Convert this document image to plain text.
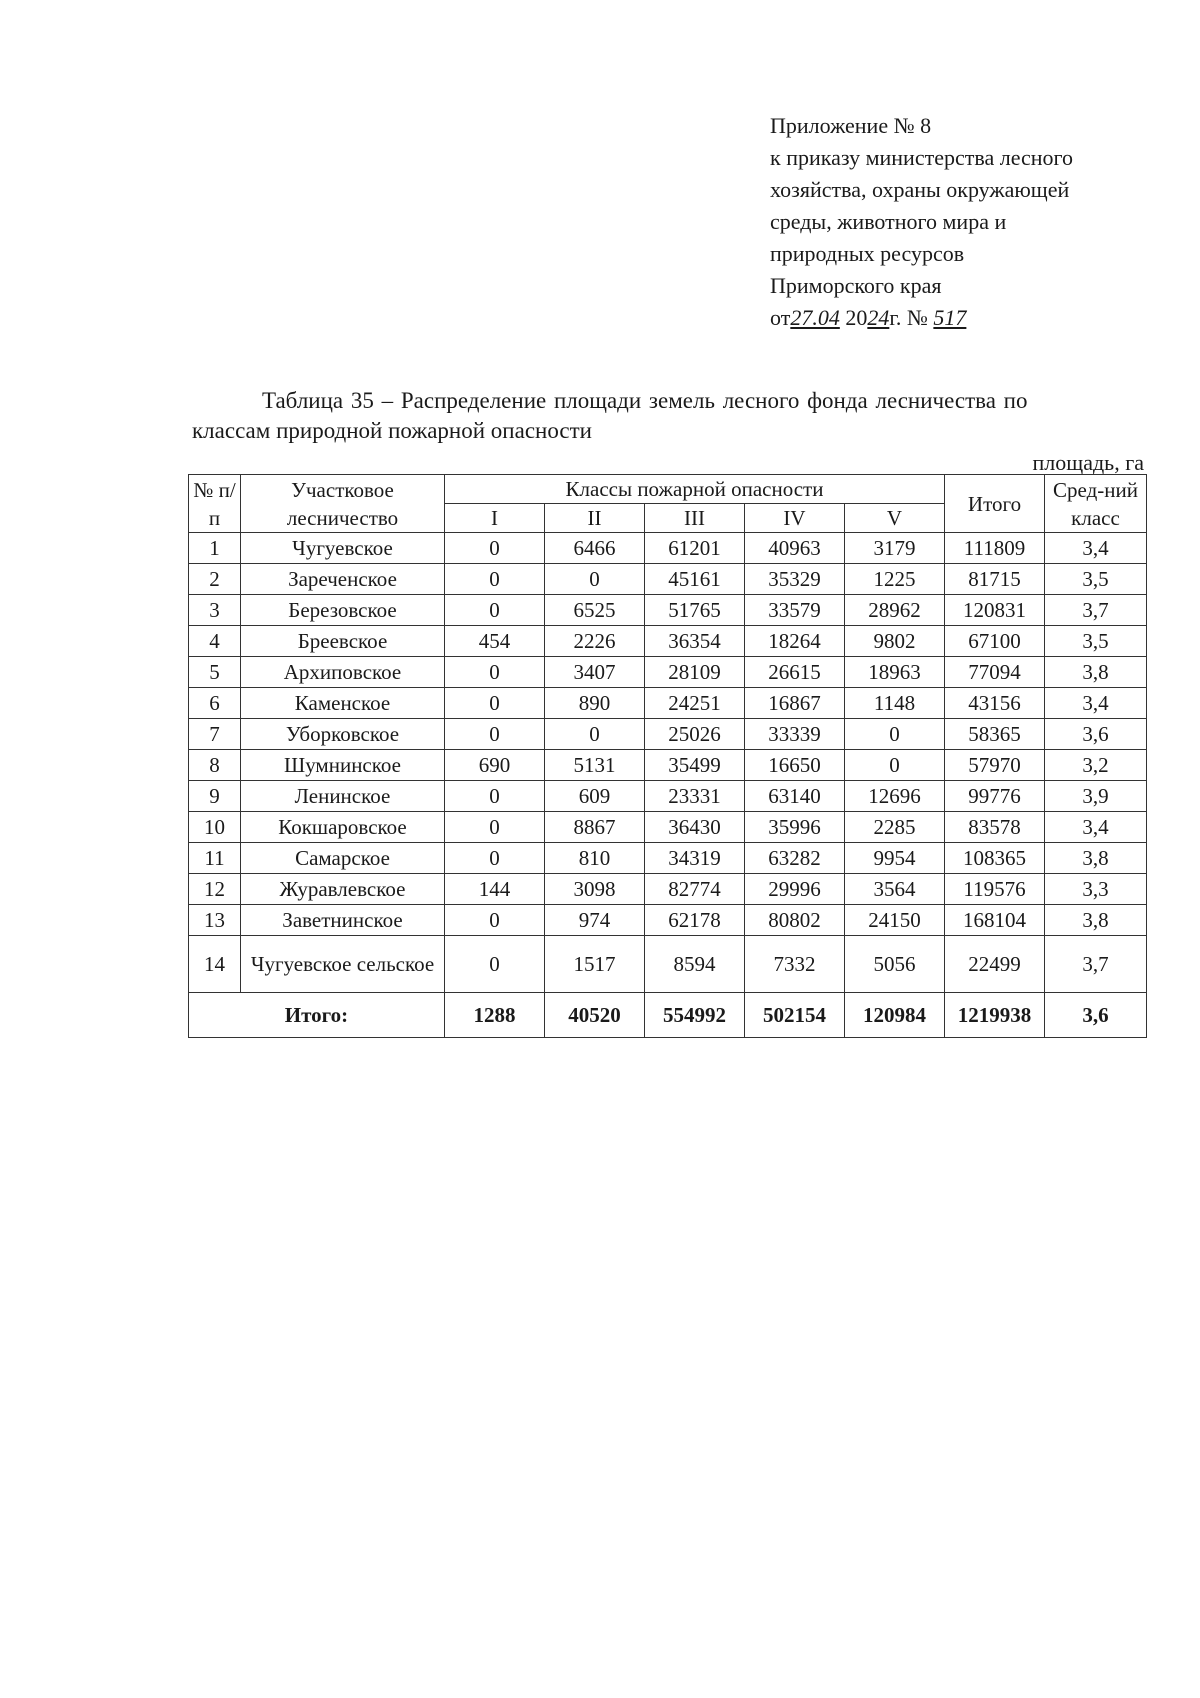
Приложение № 8
к приказу министерства лесного
хозяйства, охраны окружающей
среды, животного мира и
природных ресурсов
Приморского края
от27.04 2024г. № 517
Таблица 35 – Распределение площади земель лесного фонда лесничества по
классам природной пожарной опасности
площадь, га
№ п/п	Участковое лесничество	Классы пожарной опасности					Итого	Сред-ний класс
		I	II	III	IV	V		
1	Чугуевское	0	6466	61201	40963	3179	111809	3,4
2	Зареченское	0	0	45161	35329	1225	81715	3,5
3	Березовское	0	6525	51765	33579	28962	120831	3,7
4	Бреевское	454	2226	36354	18264	9802	67100	3,5
5	Архиповское	0	3407	28109	26615	18963	77094	3,8
6	Каменское	0	890	24251	16867	1148	43156	3,4
7	Уборковское	0	0	25026	33339	0	58365	3,6
8	Шумнинское	690	5131	35499	16650	0	57970	3,2
9	Ленинское	0	609	23331	63140	12696	99776	3,9
10	Кокшаровское	0	8867	36430	35996	2285	83578	3,4
11	Самарское	0	810	34319	63282	9954	108365	3,8
12	Журавлевское	144	3098	82774	29996	3564	119576	3,3
13	Заветнинское	0	974	62178	80802	24150	168104	3,8
14	Чугуевское сельское	0	1517	8594	7332	5056	22499	3,7
Итого:		1288	40520	554992	502154	120984	1219938	3,6
